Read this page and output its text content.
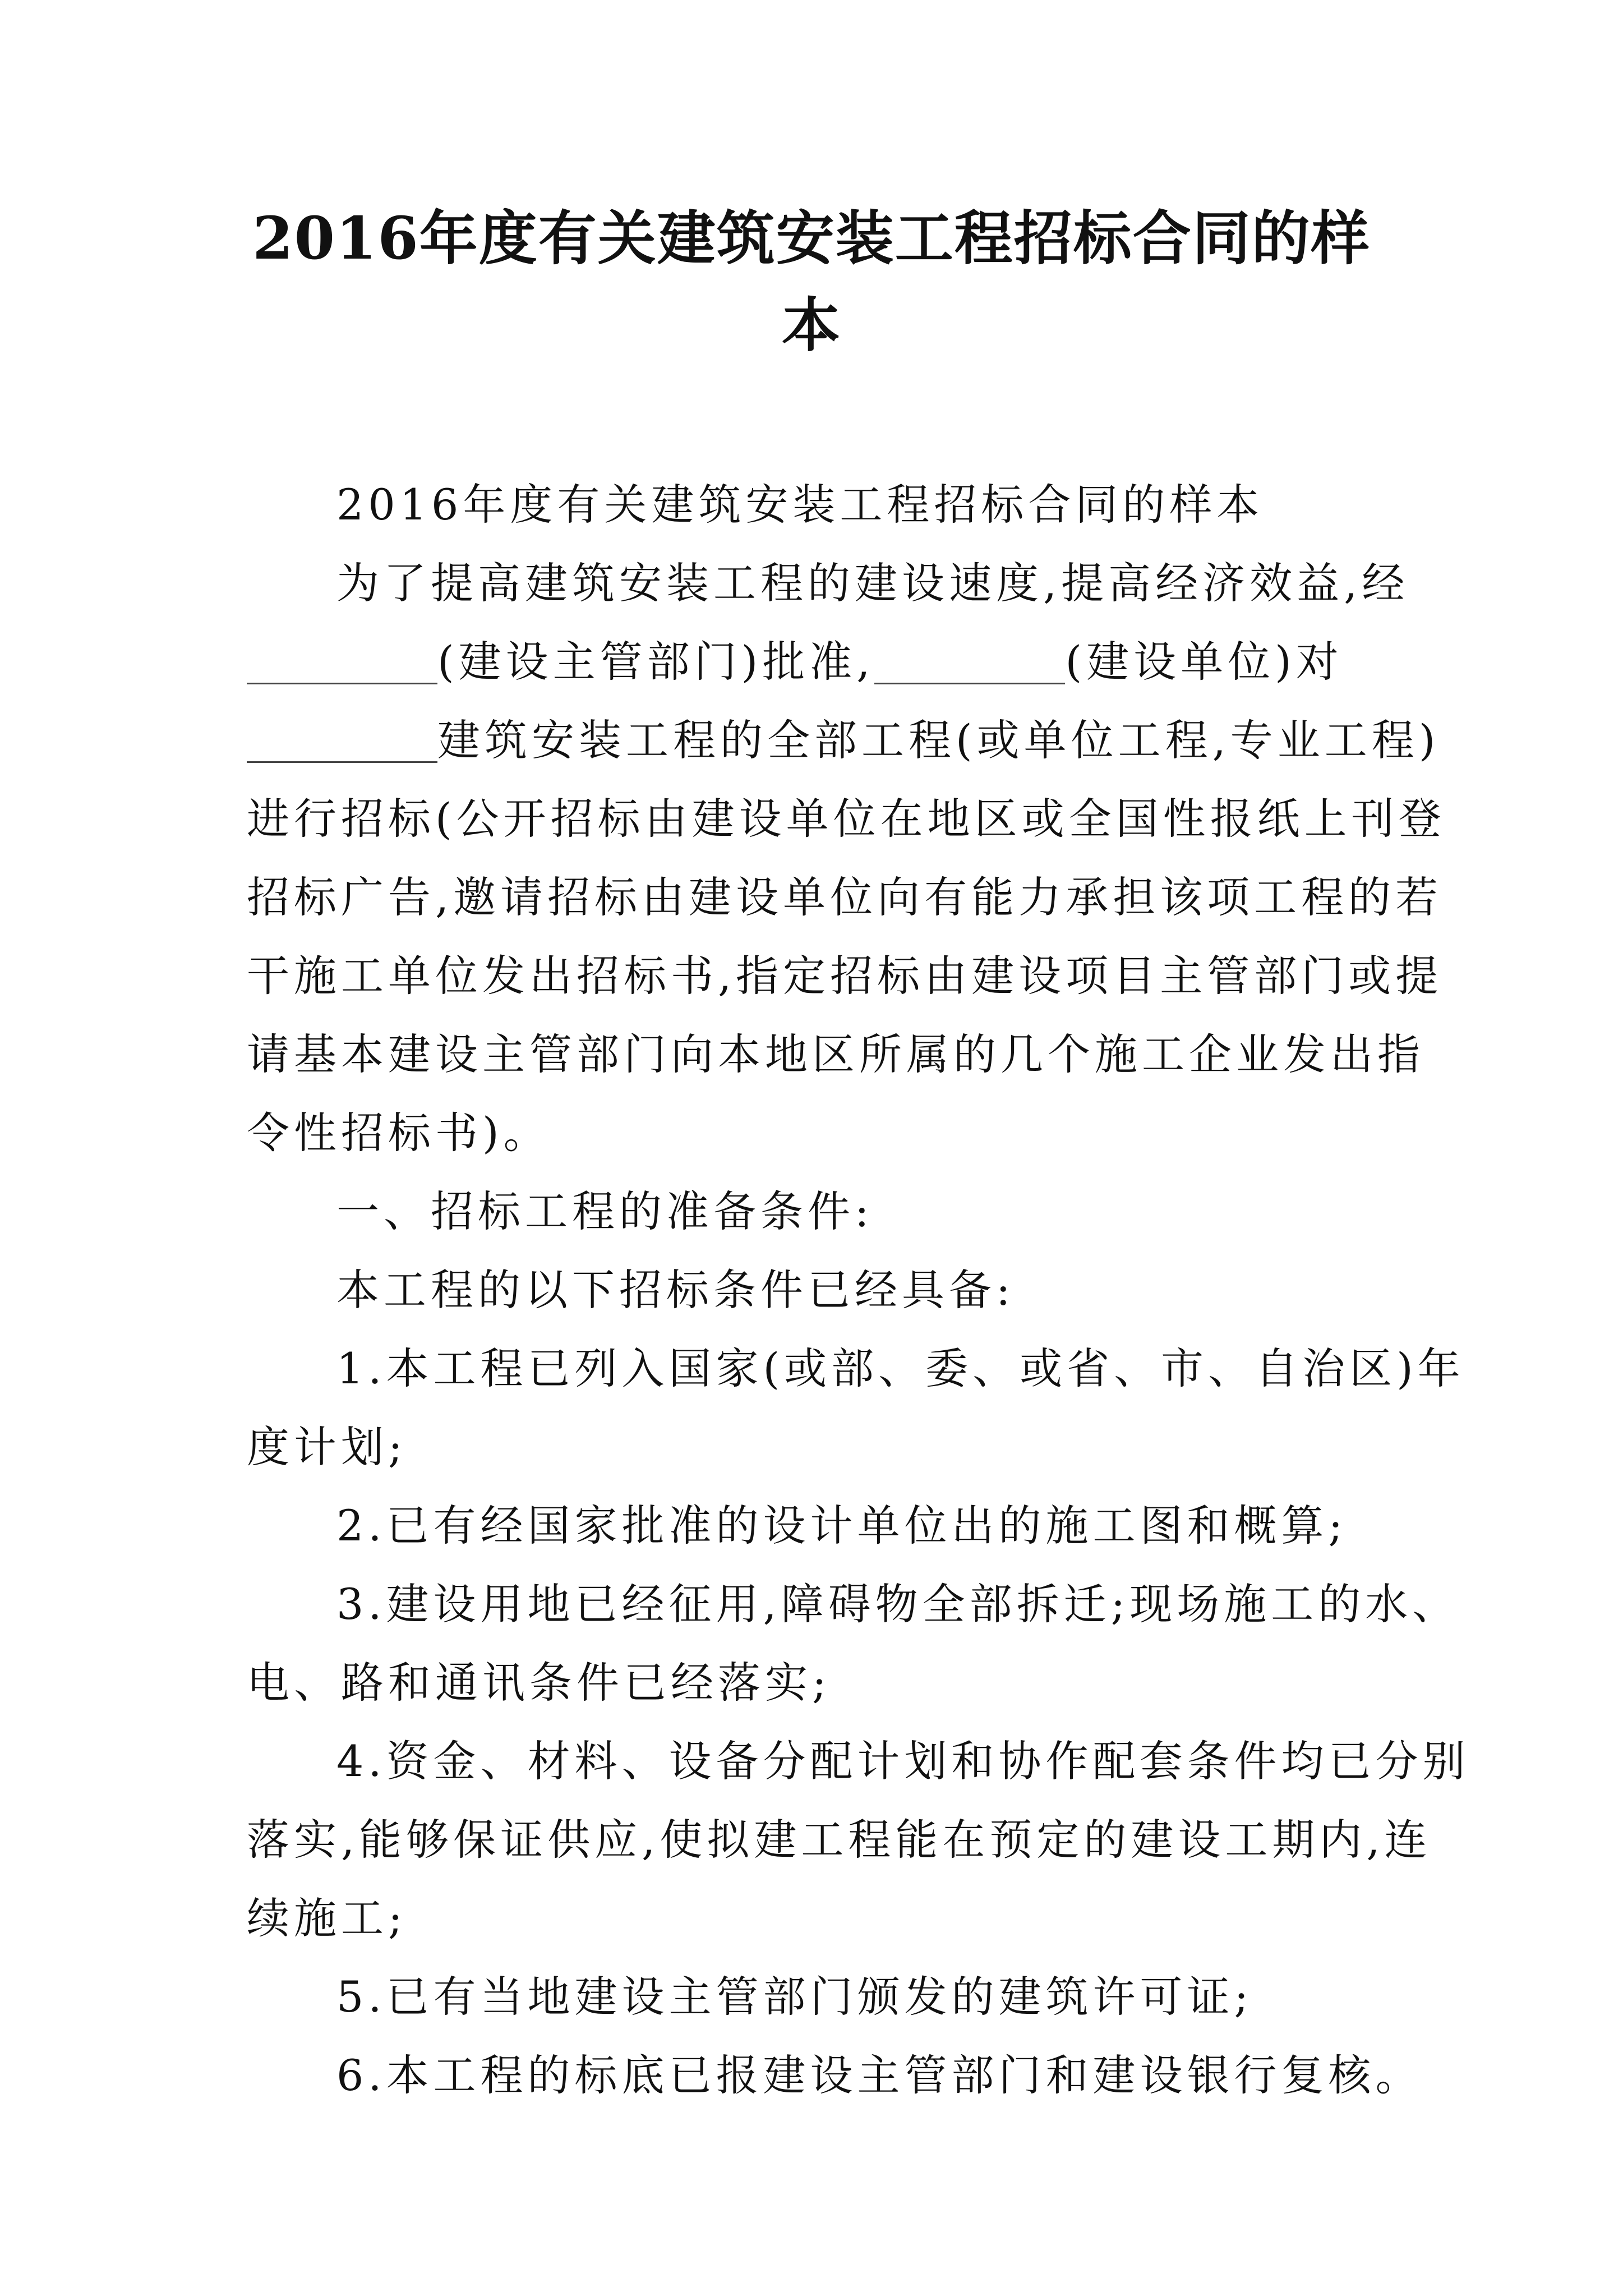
2016年度有关建筑安装工程招标合同的样
本
2016年度有关建筑安装工程招标合同的样本
为了提高建筑安装工程的建设速度,提高经济效益,经
(建设主管部门)批准,	(建设单位)对
建筑安装工程的全部工程(或单位工程,专业工程)
进行招标(公开招标由建设单位在地区或全国性报纸上刊登
招标广告,邀请招标由建设单位向有能力承担该项工程的若
干施工单位发出招标书,指定招标由建设项目主管部门或提
请基本建设主管部门向本地区所属的几个施工企业发出指
令性招标书)。
一、招标工程的准备条件:
本工程的以下招标条件已经具备:
1.本工程已列入国家(或部、委、或省、市、自治区)年
度计划;
2.已有经国家批准的设计单位出的施工图和概算;
3.建设用地已经征用,障碍物全部拆迁;现场施工的水、
电、路和通讯条件已经落实;
4.资金、材料、设备分配计划和协作配套条件均已分别
落实,能够保证供应,使拟建工程能在预定的建设工期内,连
续施工;
5.已有当地建设主管部门颁发的建筑许可证;
6.本工程的标底已报建设主管部门和建设银行复核。
